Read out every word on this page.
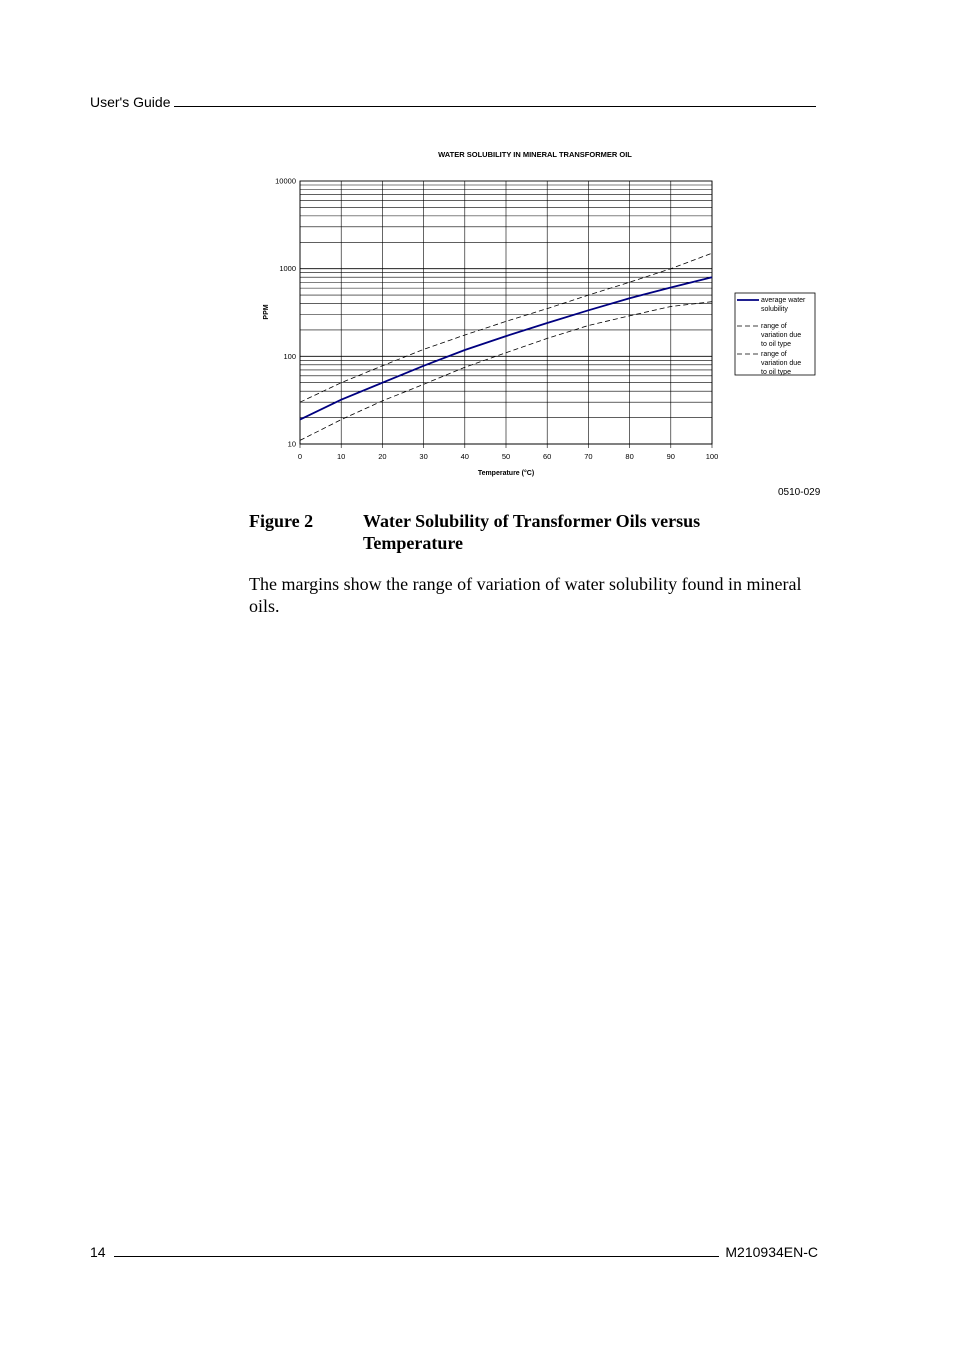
User's Guide
WATER SOLUBILITY IN MINERAL TRANSFORMER OIL
0	10	20	30	40	50	60	70	80	90	100
10
100
1000
10000
PPM
Temperature (°C)
average water solubility
range of variation due to oil type
range of variation due to oil type
0510-029
Figure 2	Water Solubility of Transformer Oils versus Temperature
The margins show the range of variation of water solubility found in mineral oils.
14	M210934EN-C
